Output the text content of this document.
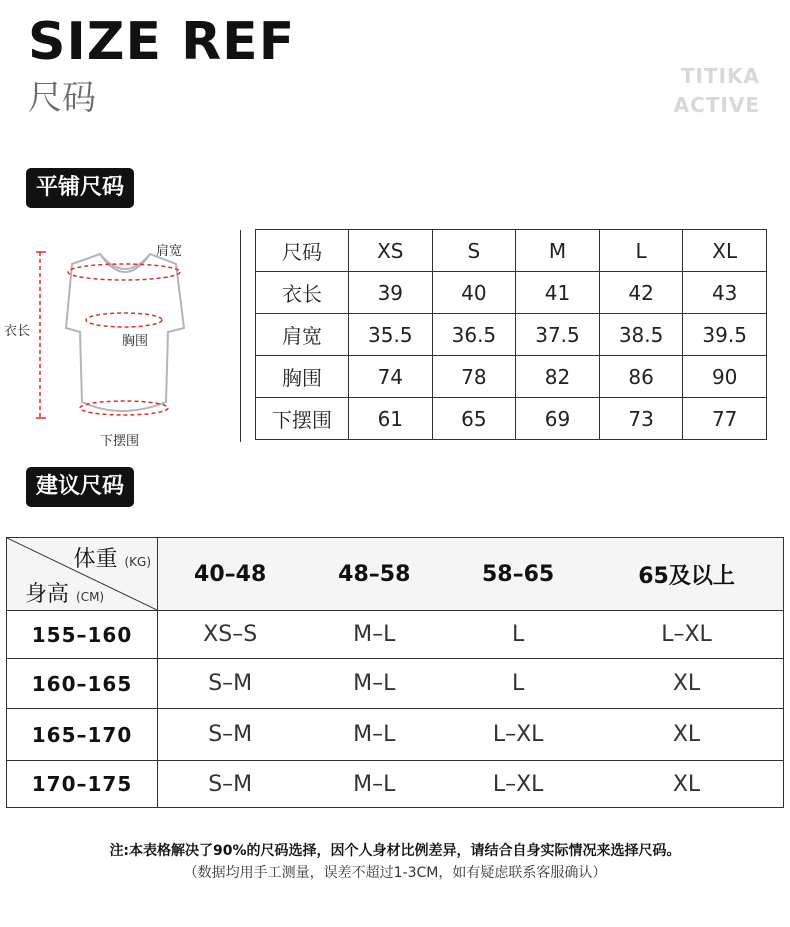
SIZE REF
尺码
TITIKA
ACTIVE
平铺尺码
肩宽
衣长
胸围
下摆围
尺码	XS	S	M	L	XL
衣长	39	40	41	42	43
肩宽	35.5	36.5	37.5	38.5	39.5
胸围	74	78	82	86	90
下摆围	61	65	69	73	77
建议尺码
体重 (KG)
身高 (CM)	40–48	48–58	58–65	65及以上
155–160	XS–S	M–L	L	L–XL
160–165	S–M	M–L	L	XL
165–170	S–M	M–L	L–XL	XL
170–175	S–M	M–L	L–XL	XL
注:本表格解决了90%的尺码选择，因个人身材比例差异，请结合自身实际情况来选择尺码。
（数据均用手工测量，误差不超过1-3CM，如有疑虑联系客服确认）
